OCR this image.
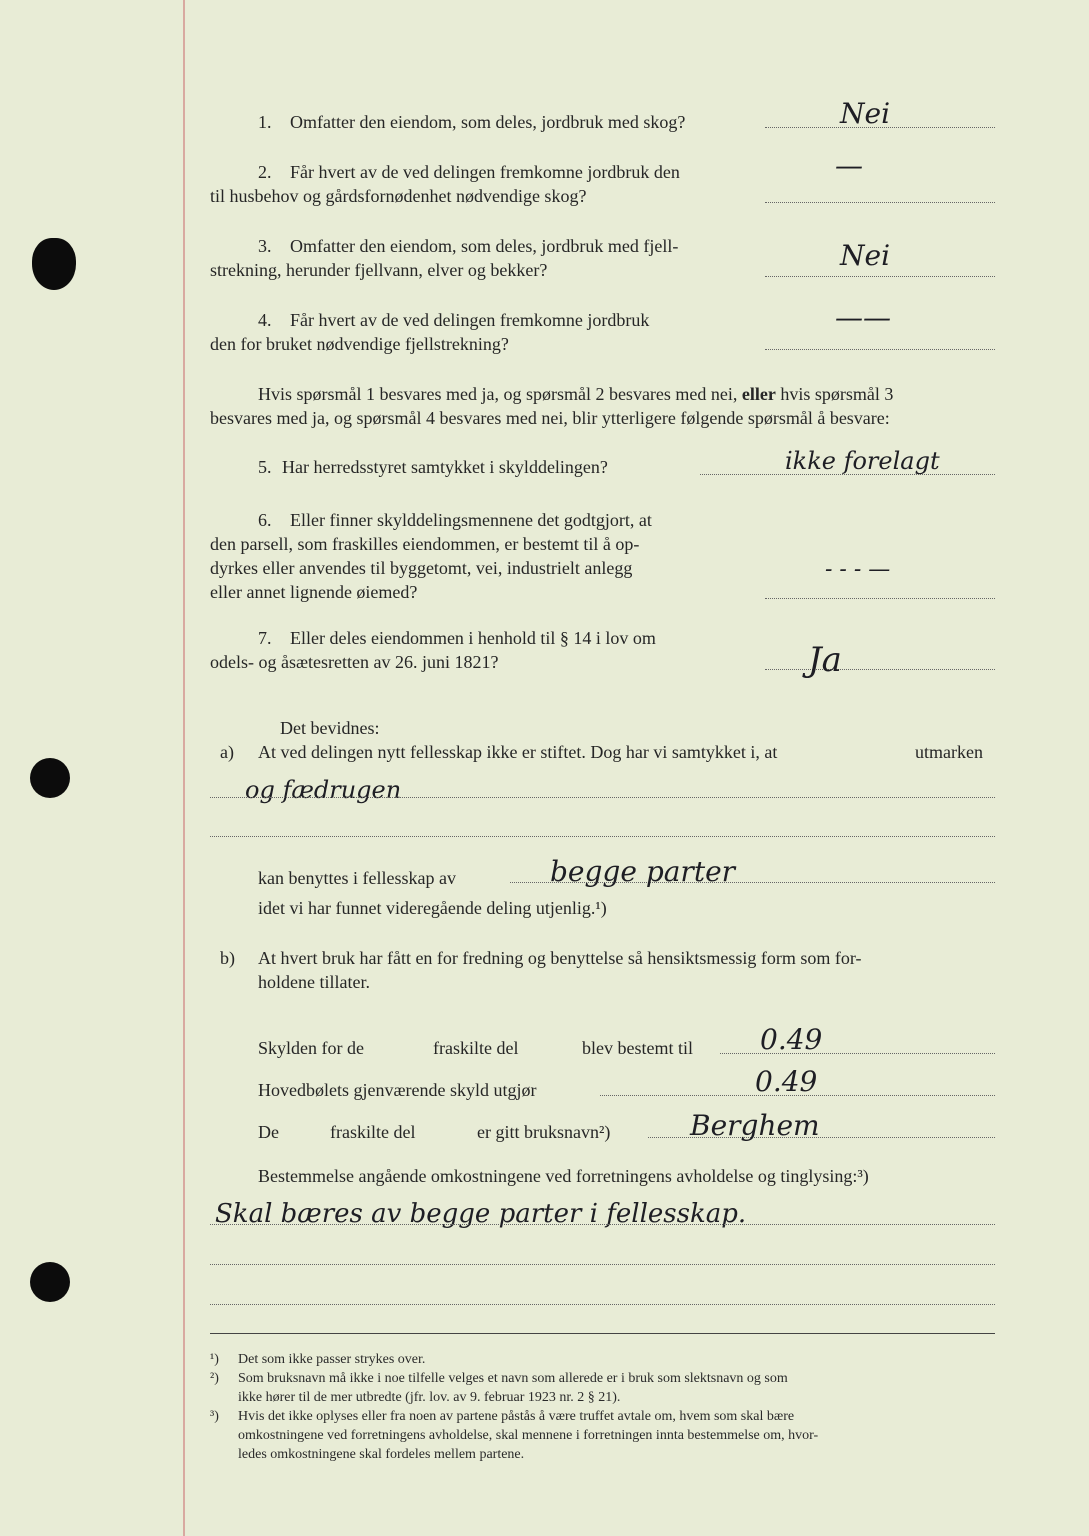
1. Omfatter den eiendom, som deles, jordbruk med skog?	Nei
2. Får hvert av de ved delingen fremkomne jordbruk den
til husbehov og gårdsfornødenhet nødvendige skog?
—
3. Omfatter den eiendom, som deles, jordbruk med fjell-
strekning, herunder fjellvann, elver og bekker?	Nei
4. Får hvert av de ved delingen fremkomne jordbruk
den for bruket nødvendige fjellstrekning?
——
Hvis spørsmål 1 besvares med ja, og spørsmål 2 besvares med nei, eller hvis spørsmål 3
besvares med ja, og spørsmål 4 besvares med nei, blir ytterligere følgende spørsmål å besvare:
5. Har herredsstyret samtykket i skylddelingen?	ikke forelagt
6. Eller finner skylddelingsmennene det godtgjort, at
den parsell, som fraskilles eiendommen, er bestemt til å op-
dyrkes eller anvendes til byggetomt, vei, industrielt anlegg
eller annet lignende øiemed?
- - - —
7. Eller deles eiendommen i henhold til § 14 i lov om
odels- og åsætesretten av 26. juni 1821?	Ja
Det bevidnes:
a) At ved delingen nytt fellesskap ikke er stiftet. Dog har vi samtykket i, at	utmarken
og fædrugen
kan benyttes i fellesskap av	begge parter
idet vi har funnet videregående deling utjenlig.¹)
b) At hvert bruk har fått en for fredning og benyttelse så hensiktsmessig form som for-
holdene tillater.
Skylden for de	fraskilte del	blev bestemt til 0.49
Hovedbølets gjenværende skyld utgjør	0.49
De	fraskilte del	er gitt bruksnavn²)	Berghem
Bestemmelse angående omkostningene ved forretningens avholdelse og tinglysing:³)
Skal bæres av begge parter i fellesskap.
¹) Det som ikke passer strykes over.
²) Som bruksnavn må ikke i noe tilfelle velges et navn som allerede er i bruk som slektsnavn og som
ikke hører til de mer utbredte (jfr. lov. av 9. februar 1923 nr. 2 § 21).
³) Hvis det ikke oplyses eller fra noen av partene påstås å være truffet avtale om, hvem som skal bære
omkostningene ved forretningens avholdelse, skal mennene i forretningen innta bestemmelse om, hvor-
ledes omkostningene skal fordeles mellem partene.
